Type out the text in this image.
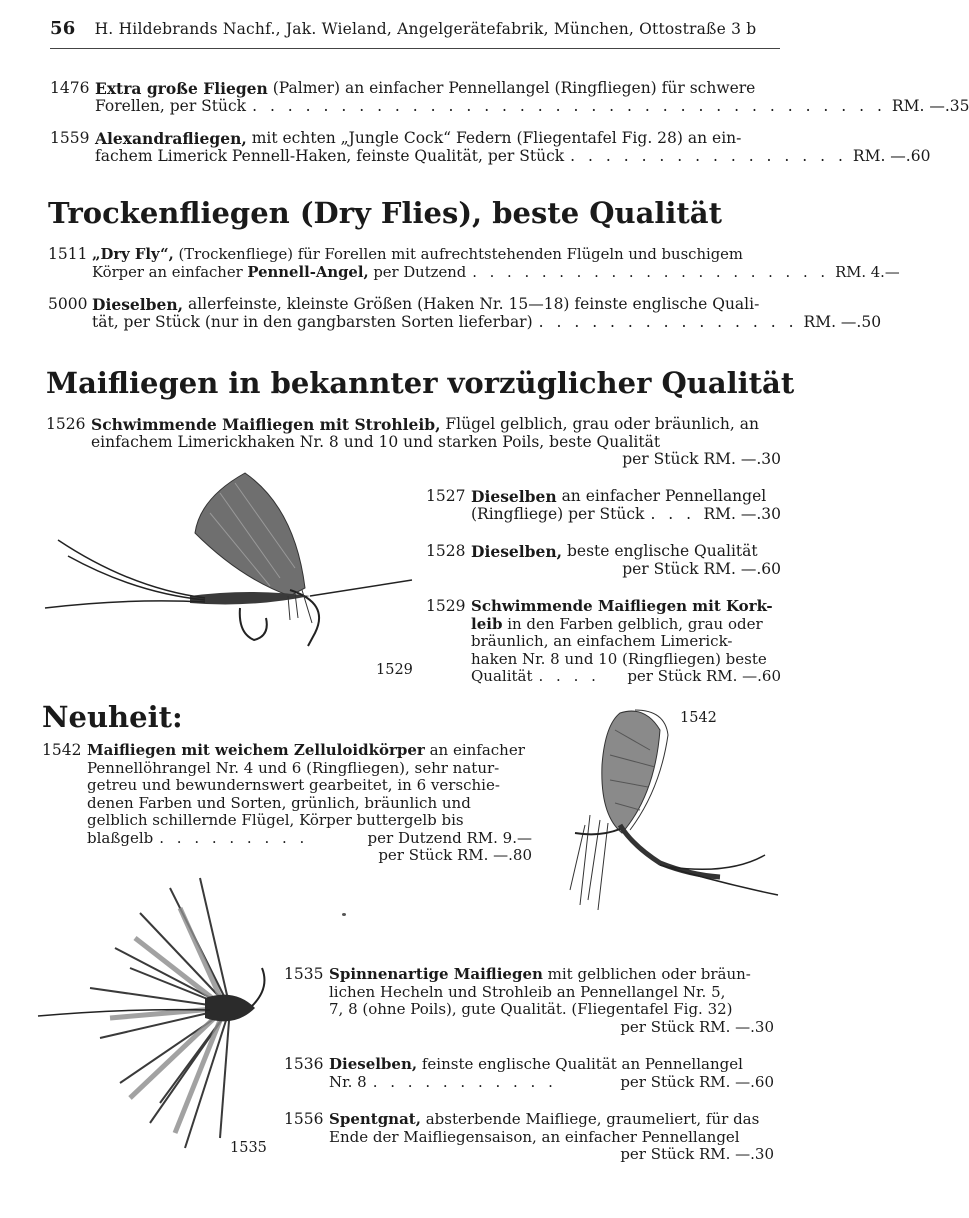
56 H. Hildebrands Nachf., Jak. Wieland, Angelgerätefabrik, München, Ottostraße 3 b
1476 Extra große Fliegen (Palmer) an einfacher Pennellangel (Ringfliegen) für schwere
Forellen, per Stück . . . . . . . . . . . . . . . . . . . . . . . . . . . . . . . . . . . . RM. —.35
1559 Alexandrafliegen, mit echten „Jungle Cock“ Federn (Fliegentafel Fig. 28) an ein-
fachem Limerick Pennell-Haken, feinste Qualität, per Stück . . . . . . . . . . . . . . . . RM. —.60
Trockenfliegen (Dry Flies), beste Qualität
1511 „Dry Fly“, (Trockenfliege) für Forellen mit aufrechtstehenden Flügeln und buschigem
Körper an einfacher Pennell-Angel, per Dutzend . . . . . . . . . . . . . . . . . . . . . RM. 4.—
5000 Dieselben, allerfeinste, kleinste Größen (Haken Nr. 15—18) feinste englische Quali-
tät, per Stück (nur in den gangbarsten Sorten lieferbar) . . . . . . . . . . . . . . . RM. —.50
Maifliegen in bekannter vorzüglicher Qualität
1526 Schwimmende Maifliegen mit Strohleib, Flügel gelblich, grau oder bräunlich, an
einfachem Limerickhaken Nr. 8 und 10 und starken Poils, beste Qualität
per Stück RM. —.30
1529
1527 Dieselben an einfacher Pennellangel
(Ringfliege) per Stück . . . RM. —.30
1528 Dieselben, beste englische Qualität
per Stück RM. —.60
1529 Schwimmende Maifliegen mit Kork-
leib in den Farben gelblich, grau oder
bräunlich, an einfachem Limerick-
haken Nr. 8 und 10 (Ringfliegen) beste
Qualität . . . .	per Stück RM. —.60
Neuheit:
1542 Maifliegen mit weichem Zelluloidkörper an einfacher
Pennellöhrangel Nr. 4 und 6 (Ringfliegen), sehr natur-
getreu und bewundernswert gearbeitet, in 6 verschie-
denen Farben und Sorten, grünlich, bräunlich und
gelblich schillernde Flügel, Körper buttergelb bis
blaßgelb . . . . . . . . .	per Dutzend RM. 9.—
per Stück RM. —.80
1542
1535
1535 Spinnenartige Maifliegen mit gelblichen oder bräun-
lichen Hecheln und Strohleib an Pennellangel Nr. 5,
7, 8 (ohne Poils), gute Qualität. (Fliegentafel Fig. 32)
per Stück RM. —.30
1536 Dieselben, feinste englische Qualität an Pennellangel
Nr. 8 . . . . . . . . . . .	per Stück RM. —.60
1556 Spentgnat, absterbende Maifliege, graumeliert, für das
Ende der Maifliegensaison, an einfacher Pennellangel
per Stück RM. —.30
